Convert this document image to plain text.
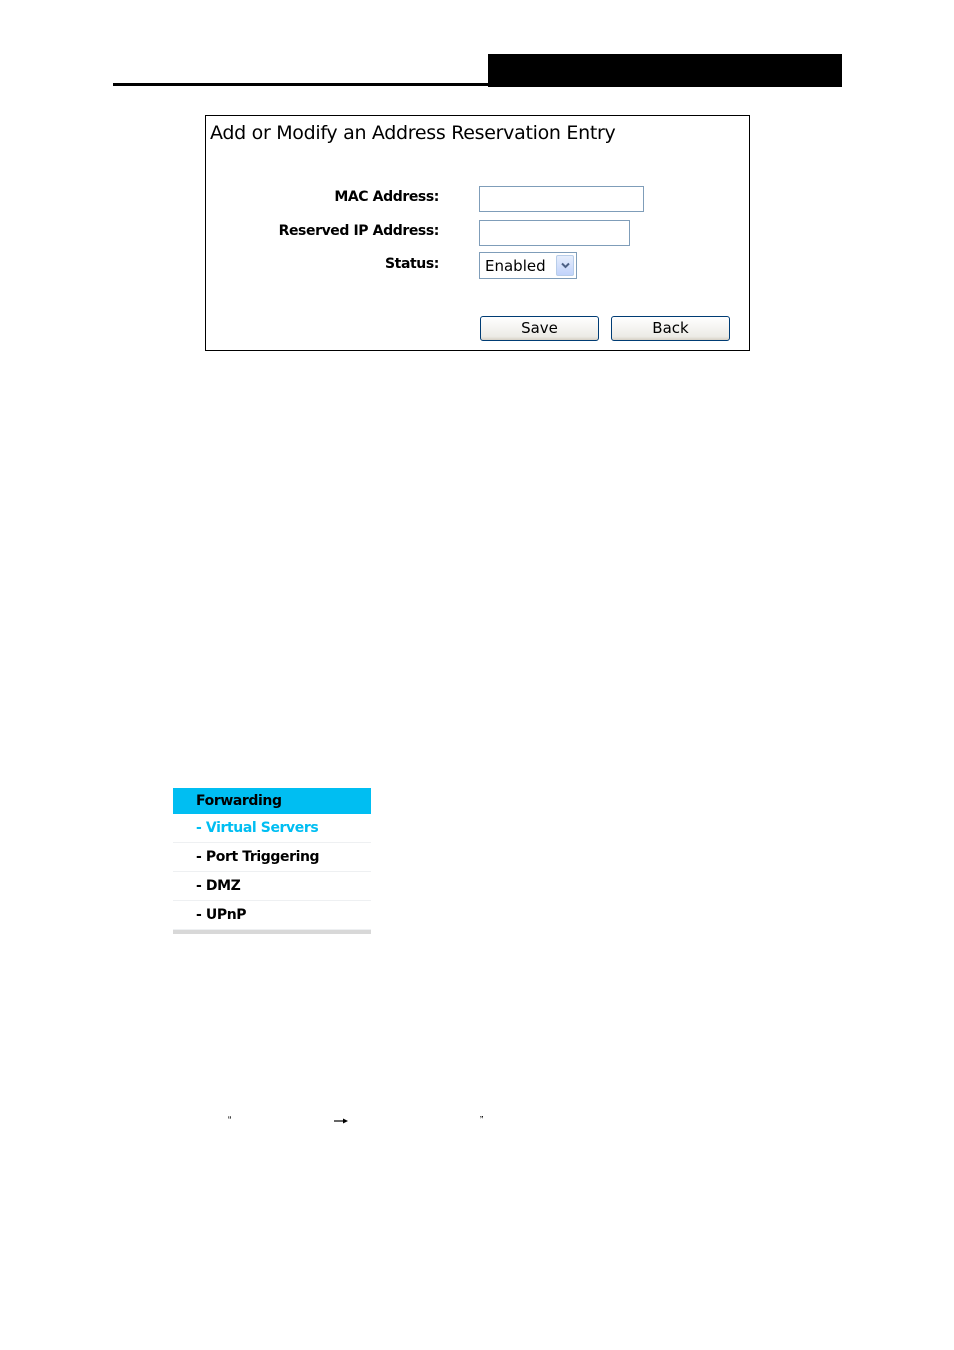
Add or Modify an Address Reservation Entry
MAC Address:
Reserved IP Address:
Status:	Enabled
Save	Back
Forwarding
- Virtual Servers
- Port Triggering
- DMZ
- UPnP
“	”
